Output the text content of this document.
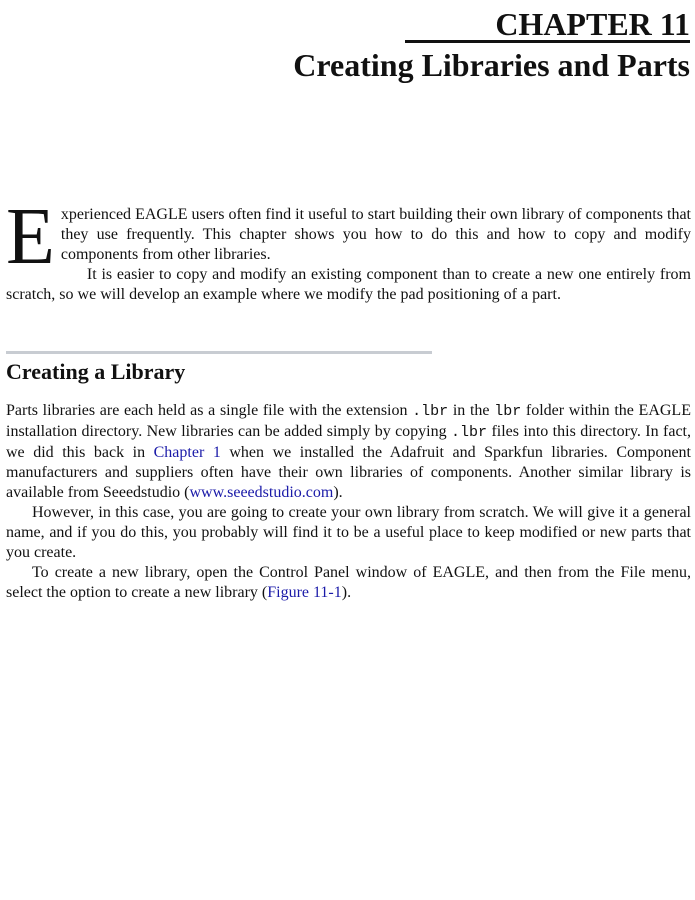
CHAPTER 11
Creating Libraries and Parts

Experienced EAGLE users often find it useful to start building their own library of components that they use frequently. This chapter shows you how to do this and how to copy and modify components from other libraries.

It is easier to copy and modify an existing component than to create a new one entirely from scratch, so we will develop an example where we modify the pad positioning of a part.

Creating a Library

Parts libraries are each held as a single file with the extension .lbr in the lbr folder within the EAGLE installation directory. New libraries can be added simply by copying .lbr files into this directory. In fact, we did this back in Chapter 1 when we installed the Adafruit and Sparkfun libraries. Component manufacturers and suppliers often have their own libraries of components. Another similar library is available from Seeedstudio (www.seeedstudio.com).

However, in this case, you are going to create your own library from scratch. We will give it a general name, and if you do this, you probably will find it to be a useful place to keep modified or new parts that you create.

To create a new library, open the Control Panel window of EAGLE, and then from the File menu, select the option to create a new library (Figure 11-1).
